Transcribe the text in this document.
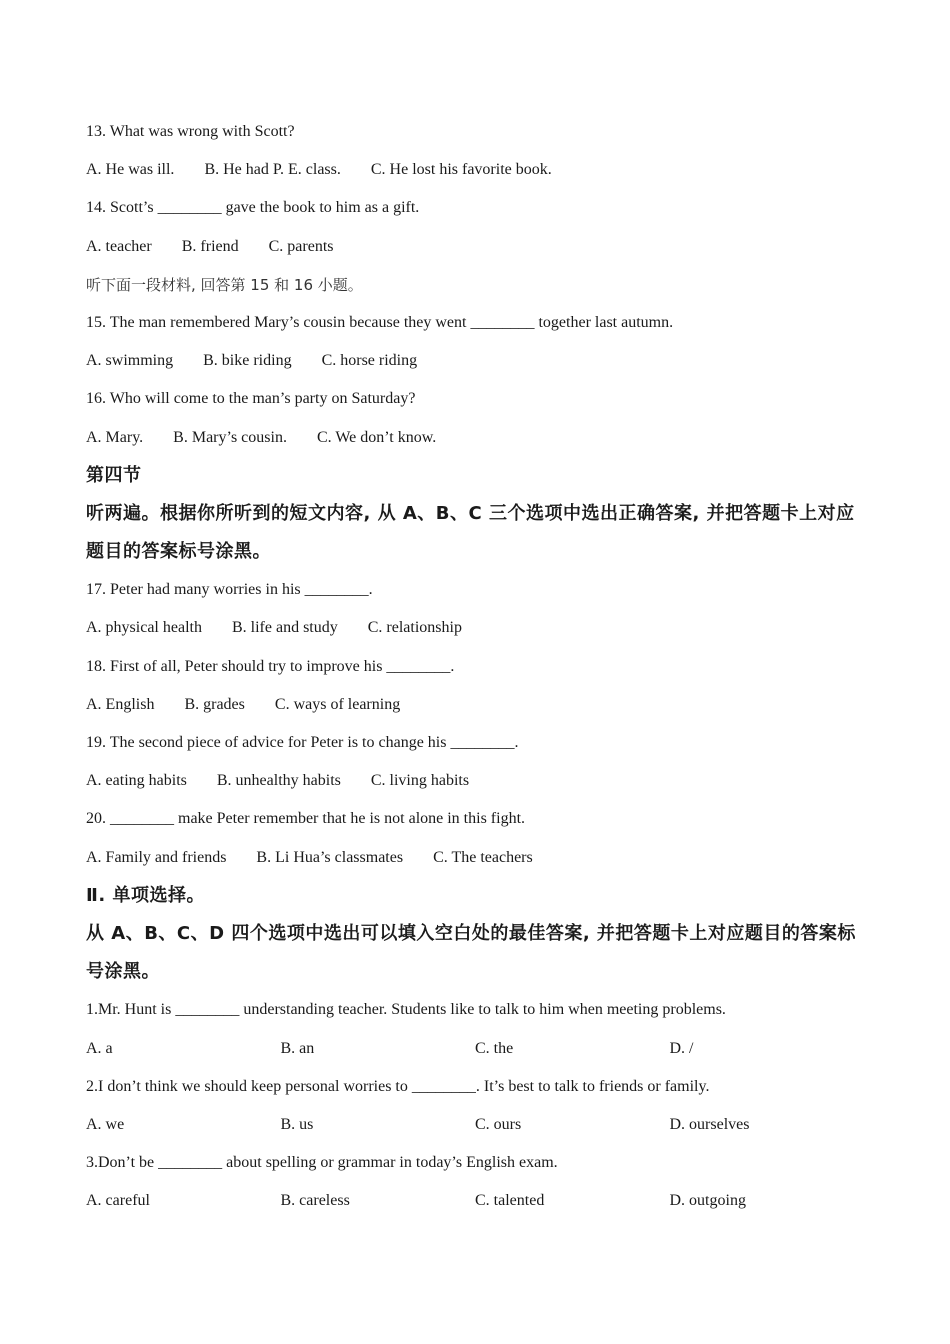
13. What was wrong with Scott?
A. He was ill. B. He had P. E. class. C. He lost his favorite book.
14. Scott’s ________ gave the book to him as a gift.
A. teacher B. friend C. parents
听下面一段材料, 回答第 15 和 16 小题。
15. The man remembered Mary’s cousin because they went ________ together last autumn.
A. swimming B. bike riding C. horse riding
16. Who will come to the man’s party on Saturday?
A. Mary. B. Mary’s cousin. C. We don’t know.
第四节
听两遍。根据你所听到的短文内容, 从 A、B、C 三个选项中选出正确答案, 并把答题卡上对应
题目的答案标号涂黑。
17. Peter had many worries in his ________.
A. physical health B. life and study C. relationship
18. First of all, Peter should try to improve his ________.
A. English B. grades C. ways of learning
19. The second piece of advice for Peter is to change his ________.
A. eating habits B. unhealthy habits C. living habits
20. ________ make Peter remember that he is not alone in this fight.
A. Family and friends B. Li Hua’s classmates C. The teachers
Ⅱ. 单项选择。
从 A、B、C、D 四个选项中选出可以填入空白处的最佳答案, 并把答题卡上对应题目的答案标
号涂黑。
1.Mr. Hunt is ________ understanding teacher. Students like to talk to him when meeting problems.
A. a	B. an	C. the	D. /
2.I don’t think we should keep personal worries to ________. It’s best to talk to friends or family.
A. we	B. us	C. ours	D. ourselves
3.Don’t be ________ about spelling or grammar in today’s English exam.
A. careful	B. careless	C. talented	D. outgoing
